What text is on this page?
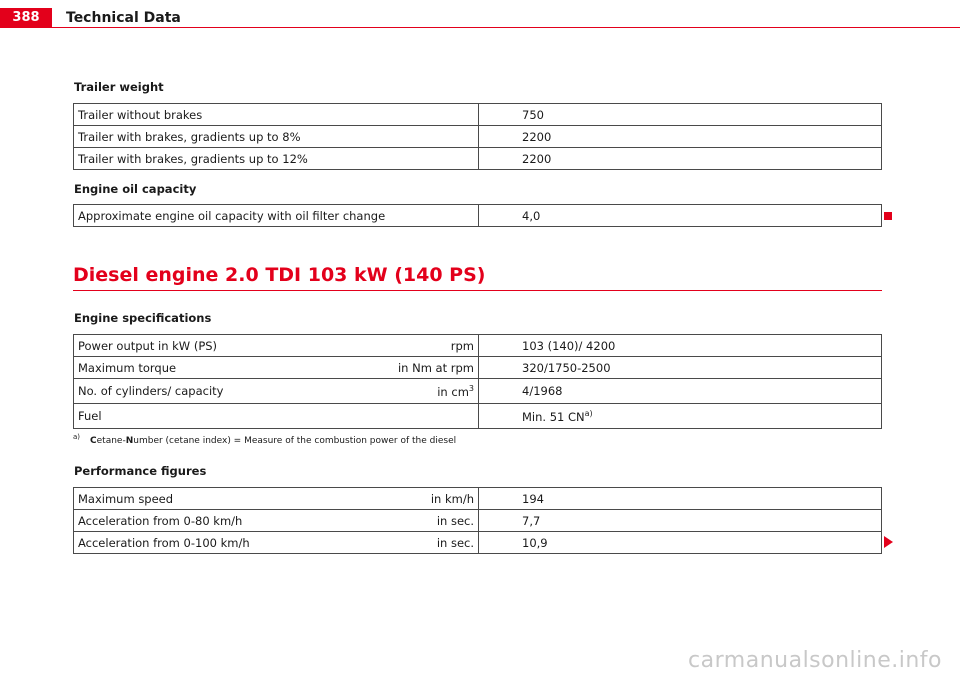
388	Technical Data
Trailer weight
Trailer without brakes	750
Trailer with brakes, gradients up to 8%	2200
Trailer with brakes, gradients up to 12%	2200
Engine oil capacity
Approximate engine oil capacity with oil filter change	4,0
Diesel engine 2.0 TDI 103 kW (140 PS)
Engine specifications
Power output in kW (PS) rpm	103 (140)/ 4200

Maximum torque in Nm at rpm	320/1750-2500

No. of cylinders/ capacity in $cm^3$	4/1968

Fuel	Min. 51 CN$^{a)}$
$^{a)}$ Cetane-Number (cetane index) = Measure of the combustion power of the diesel
Performance figures
Maximum speed in km/h	194

Acceleration from 0-80 km/h in sec.	7,7

Acceleration from 0-100 km/h in sec.	10,9
carmanualsonline.info
